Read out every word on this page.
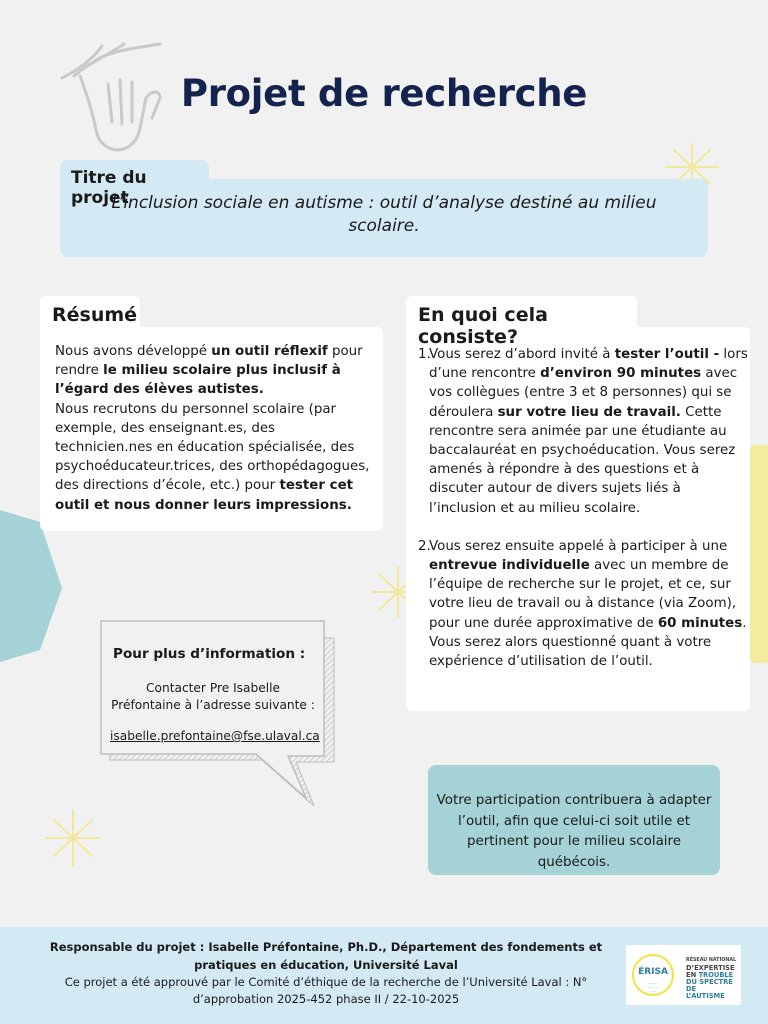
Projet de recherche
Titre du projet
L’inclusion sociale en autisme : outil d’analyse destiné au milieu scolaire.
Résumé
Nous avons développé un outil réflexif pour rendre le milieu scolaire plus inclusif à l’égard des élèves autistes.
Nous recrutons du personnel scolaire (par exemple, des enseignant.es, des technicien.nes en éducation spécialisée, des psychoéducateur.trices, des orthopédagogues, des directions d’école, etc.) pour tester cet outil et nous donner leurs impressions.
En quoi cela consiste?
1.
Vous serez d’abord invité à tester l’outil - lors d’une rencontre d’environ 90 minutes avec vos collègues (entre 3 et 8 personnes) qui se déroulera sur votre lieu de travail. Cette rencontre sera animée par une étudiante au baccalauréat en psychoéducation. Vous serez amenés à répondre à des questions et à discuter autour de divers sujets liés à l’inclusion et au milieu scolaire.
2.
Vous serez ensuite appelé à participer à une entrevue individuelle avec un membre de l’équipe de recherche sur le projet, et ce, sur votre lieu de travail ou à distance (via Zoom), pour une durée approximative de 60 minutes. Vous serez alors questionné quant à votre expérience d’utilisation de l’outil.
Pour plus d’information :
Contacter Pre Isabelle Préfontaine à l’adresse suivante :
isabelle.prefontaine@fse.ulaval.ca
Votre participation contribuera à adapter l’outil, afin que celui-ci soit utile et pertinent pour le milieu scolaire québécois.
Responsable du projet : Isabelle Préfontaine, Ph.D., Département des fondements et pratiques en éducation, Université Laval
Ce projet a été approuvé par le Comité d’éthique de la recherche de l’Université Laval : N° d’approbation 2025-452 phase II / 22-10-2025
ÉRISA
———
———
——
RÉSEAU NATIONAL
D’EXPERTISE
EN TROUBLE
DU SPECTRE DE
L’AUTISME
